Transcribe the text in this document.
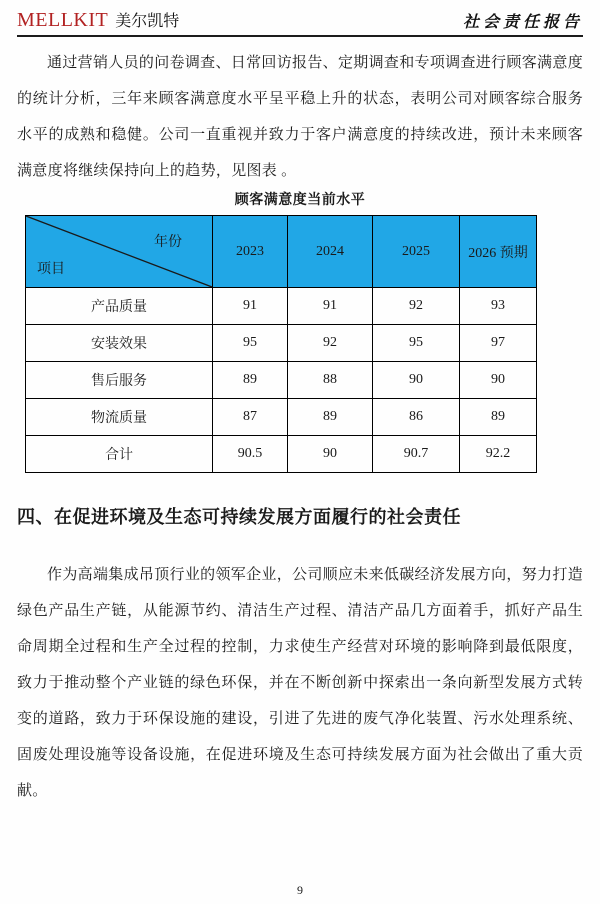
MELLKIT 美尔凯特	社会责任报告

通过营销人员的问卷调查、日常回访报告、定期调查和专项调查进行顾客满意度的统计分析，三年来顾客满意度水平呈平稳上升的状态，表明公司对顾客综合服务水平的成熟和稳健。公司一直重视并致力于客户满意度的持续改进，预计未来顾客满意度将继续保持向上的趋势，见图表 。

顾客满意度当前水平
年份
项目	2023	2024	2025	2026 预期
产品质量	91	91	92	93
安装效果	95	92	95	97
售后服务	89	88	90	90
物流质量	87	89	86	89
合计	90.5	90	90.7	92.2
四、在促进环境及生态可持续发展方面履行的社会责任

作为高端集成吊顶行业的领军企业，公司顺应未来低碳经济发展方向，努力打造绿色产品生产链，从能源节约、清洁生产过程、清洁产品几方面着手，抓好产品生命周期全过程和生产全过程的控制，力求使生产经营对环境的影响降到最低限度，致力于推动整个产业链的绿色环保，并在不断创新中探索出一条向新型发展方式转变的道路，致力于环保设施的建设，引进了先进的废气净化装置、污水处理系统、固废处理设施等设备设施，在促进环境及生态可持续发展方面为社会做出了重大贡献。

9
